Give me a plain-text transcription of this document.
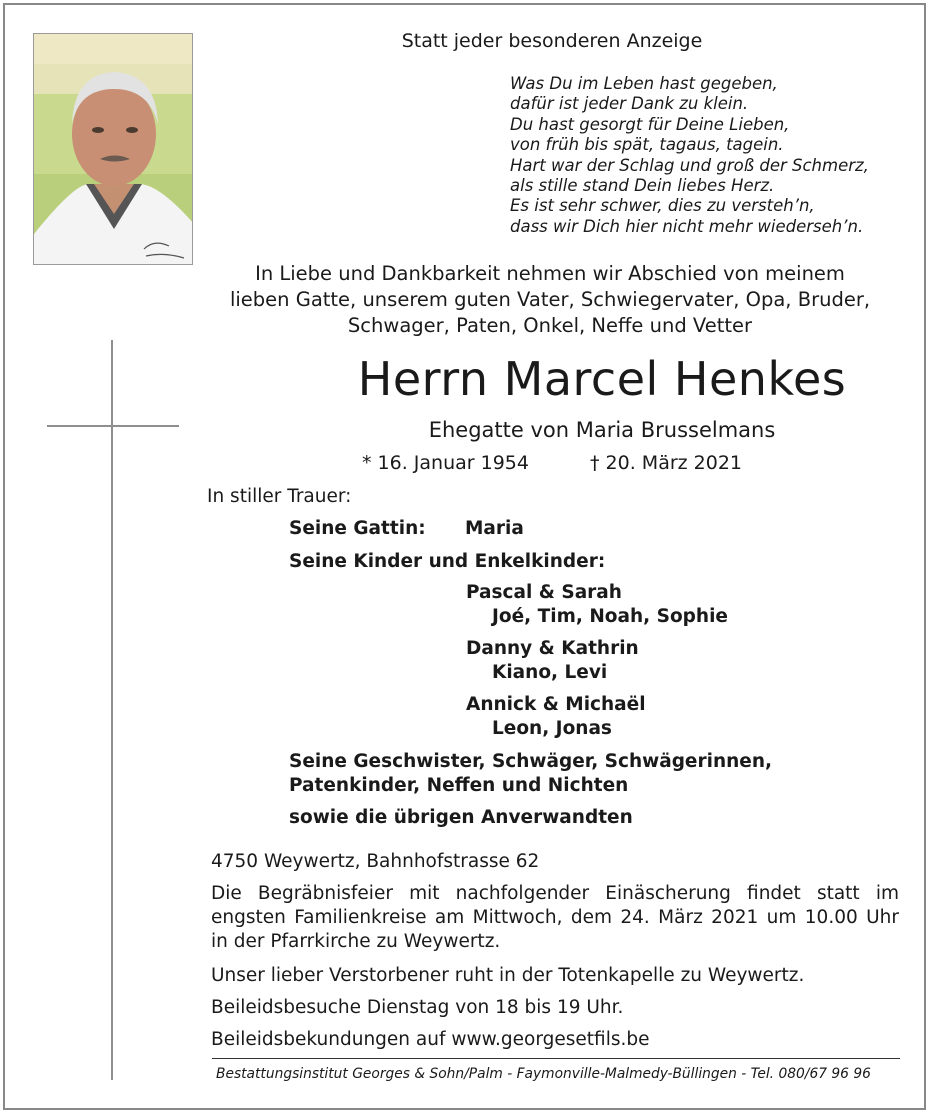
Statt jeder besonderen Anzeige
Was Du im Leben hast gegeben,
dafür ist jeder Dank zu klein.
Du hast gesorgt für Deine Lieben,
von früh bis spät, tagaus, tagein.
Hart war der Schlag und groß der Schmerz,
als stille stand Dein liebes Herz.
Es ist sehr schwer, dies zu versteh’n,
dass wir Dich hier nicht mehr wiederseh’n.
In Liebe und Dankbarkeit nehmen wir Abschied von meinem
lieben Gatte, unserem guten Vater, Schwiegervater, Opa, Bruder,
Schwager, Paten, Onkel, Neffe und Vetter
Herrn Marcel Henkes
Ehegatte von Maria Brusselmans
* 16. Januar 1954	† 20. März 2021
In stiller Trauer:
Seine Gattin: Maria
Seine Kinder und Enkelkinder:
Pascal & Sarah
Joé, Tim, Noah, Sophie
Danny & Kathrin
Kiano, Levi
Annick & Michaël
Leon, Jonas
Seine Geschwister, Schwäger, Schwägerinnen,
Patenkinder, Neffen und Nichten
sowie die übrigen Anverwandten
4750 Weywertz, Bahnhofstrasse 62
Die Begräbnisfeier mit nachfolgender Einäscherung findet statt im
engsten Familienkreise am Mittwoch, dem 24. März 2021 um 10.00 Uhr
in der Pfarrkirche zu Weywertz.
Unser lieber Verstorbener ruht in der Totenkapelle zu Weywertz.
Beileidsbesuche Dienstag von 18 bis 19 Uhr.
Beileidsbekundungen auf www.georgesetfils.be
Bestattungsinstitut Georges & Sohn/Palm - Faymonville-Malmedy-Büllingen - Tel. 080/67 96 96
